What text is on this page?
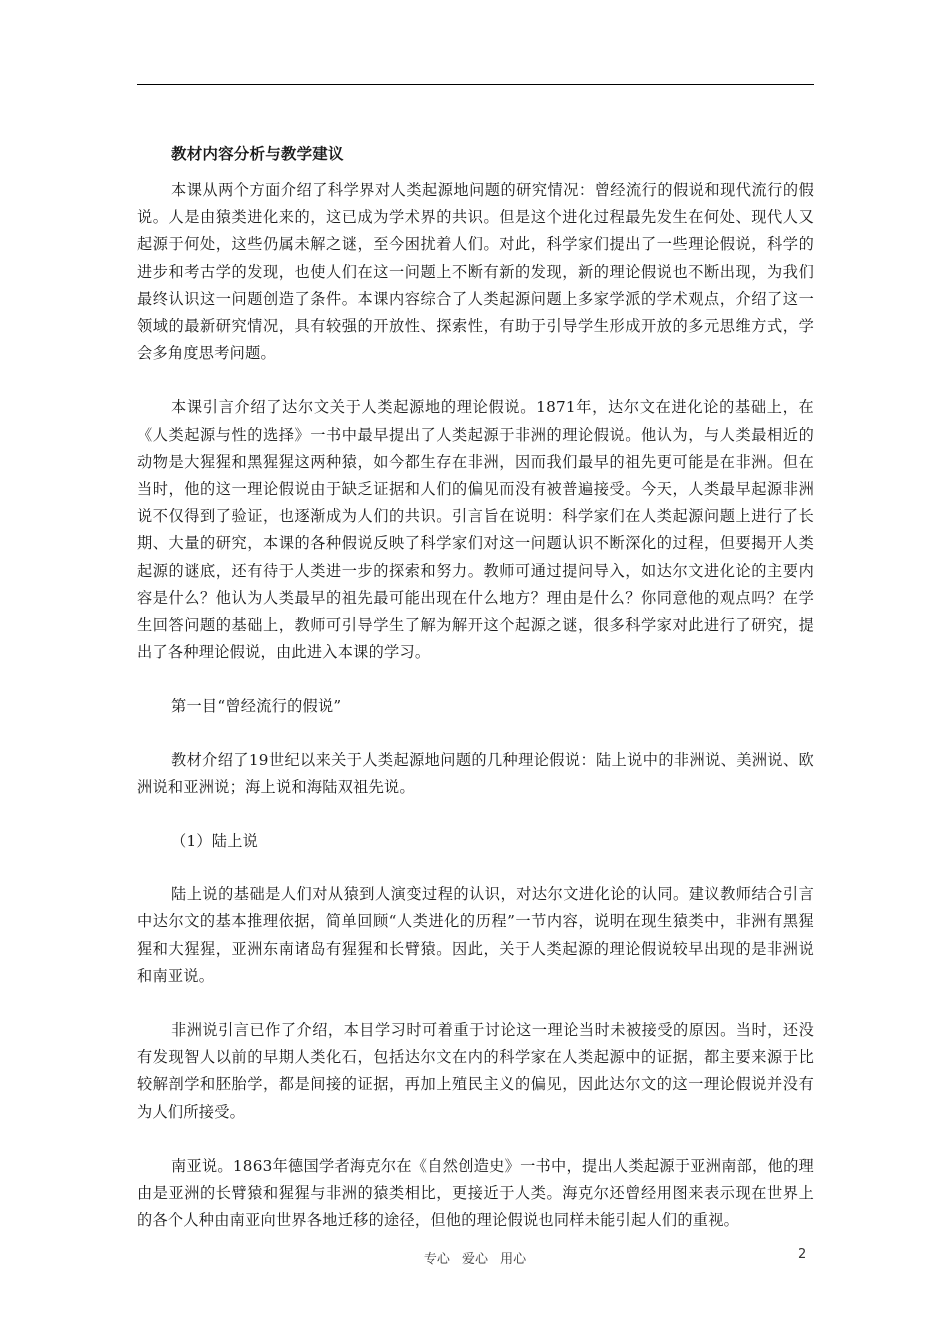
教材内容分析与教学建议

本课从两个方面介绍了科学界对人类起源地问题的研究情况：曾经流行的假说和现代流行的假说。人是由猿类进化来的，这已成为学术界的共识。但是这个进化过程最先发生在何处、现代人又起源于何处，这些仍属未解之谜，至今困扰着人们。对此，科学家们提出了一些理论假说，科学的进步和考古学的发现，也使人们在这一问题上不断有新的发现，新的理论假说也不断出现，为我们最终认识这一问题创造了条件。本课内容综合了人类起源问题上多家学派的学术观点，介绍了这一领域的最新研究情况，具有较强的开放性、探索性，有助于引导学生形成开放的多元思维方式，学会多角度思考问题。

本课引言介绍了达尔文关于人类起源地的理论假说。1871年，达尔文在进化论的基础上，在《人类起源与性的选择》一书中最早提出了人类起源于非洲的理论假说。他认为，与人类最相近的动物是大猩猩和黑猩猩这两种猿，如今都生存在非洲，因而我们最早的祖先更可能是在非洲。但在当时，他的这一理论假说由于缺乏证据和人们的偏见而没有被普遍接受。今天，人类最早起源非洲说不仅得到了验证，也逐渐成为人们的共识。引言旨在说明：科学家们在人类起源问题上进行了长期、大量的研究，本课的各种假说反映了科学家们对这一问题认识不断深化的过程，但要揭开人类起源的谜底，还有待于人类进一步的探索和努力。教师可通过提问导入，如达尔文进化论的主要内容是什么？他认为人类最早的祖先最可能出现在什么地方？理由是什么？你同意他的观点吗？在学生回答问题的基础上，教师可引导学生了解为解开这个起源之谜，很多科学家对此进行了研究，提出了各种理论假说，由此进入本课的学习。

第一目“曾经流行的假说”

教材介绍了19世纪以来关于人类起源地问题的几种理论假说：陆上说中的非洲说、美洲说、欧洲说和亚洲说；海上说和海陆双祖先说。

（1）陆上说

陆上说的基础是人们对从猿到人演变过程的认识，对达尔文进化论的认同。建议教师结合引言中达尔文的基本推理依据，简单回顾“人类进化的历程”一节内容，说明在现生猿类中，非洲有黑猩猩和大猩猩，亚洲东南诸岛有猩猩和长臂猿。因此，关于人类起源的理论假说较早出现的是非洲说和南亚说。

非洲说引言已作了介绍，本目学习时可着重于讨论这一理论当时未被接受的原因。当时，还没有发现智人以前的早期人类化石，包括达尔文在内的科学家在人类起源中的证据，都主要来源于比较解剖学和胚胎学，都是间接的证据，再加上殖民主义的偏见，因此达尔文的这一理论假说并没有为人们所接受。

南亚说。1863年德国学者海克尔在《自然创造史》一书中，提出人类起源于亚洲南部，他的理由是亚洲的长臂猿和猩猩与非洲的猿类相比，更接近于人类。海克尔还曾经用图来表示现在世界上的各个人种由南亚向世界各地迁移的途径，但他的理论假说也同样未能引起人们的重视。

专心 爱心 用心	2
